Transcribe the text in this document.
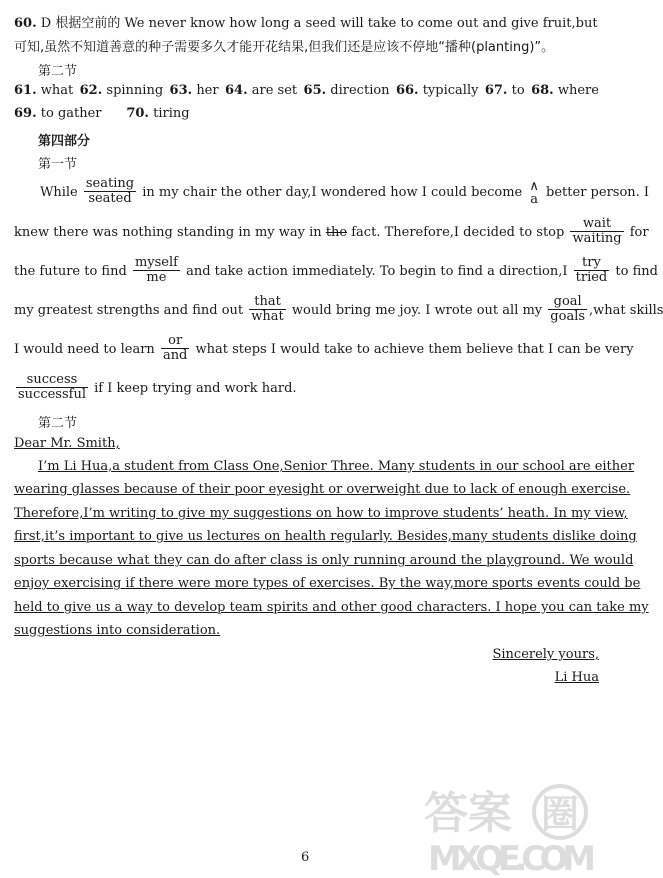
60. D 根据空前的 We never know how long a seed will take to come out and give fruit,but
可知,虽然不知道善意的种子需要多久才能开花结果,但我们还是应该不停地“播种(planting)”。
第二节
61. what 62. spinning 63. her 64. are set 65. direction 66. typically 67. to 68. where
69. to gather 70. tiring
第四部分
第一节
While $\frac{\text{seating}}{\text{seated}}$ in my chair the other day,I wondered how I could become ∧
a better person. I
knew there was nothing standing in my way in the fact. Therefore,I decided to stop $\frac{\text{wait}}{\text{waiting}}$ for
the future to find $\frac{\text{myself}}{me}$ and take action immediately. To begin to find a direction,I $\frac{\text{try}}{\text{tried}}$ to find
my greatest strengths and find out $\frac{\text{that}}{\text{what}}$ would bring me joy. I wrote out all my $\frac{\text{goal}}{\text{goals}}$ ,what skills
I would need to learn $\frac{or}{\text{and}}$ what steps I would take to achieve them believe that I can be very
$\frac{\text{success}}{\text{successful}}$ if I keep trying and work hard.
第二节
Dear Mr. Smith,
I’m Li Hua,a student from Class One,Senior Three. Many students in our school are either
wearing glasses because of their poor eyesight or overweight due to lack of enough exercise.
Therefore,I’m writing to give my suggestions on how to improve students’ heath. In my view,
first,it’s important to give us lectures on health regularly. Besides,many students dislike doing
sports because what they can do after class is only running around the playground. We would
enjoy exercising if there were more types of exercises. By the way,more sports events could be
held to give us a way to develop team spirits and other good characters. I hope you can take my
suggestions into consideration.
Sincerely yours,
Li Hua
答案 圈
MXQE.COM
6
